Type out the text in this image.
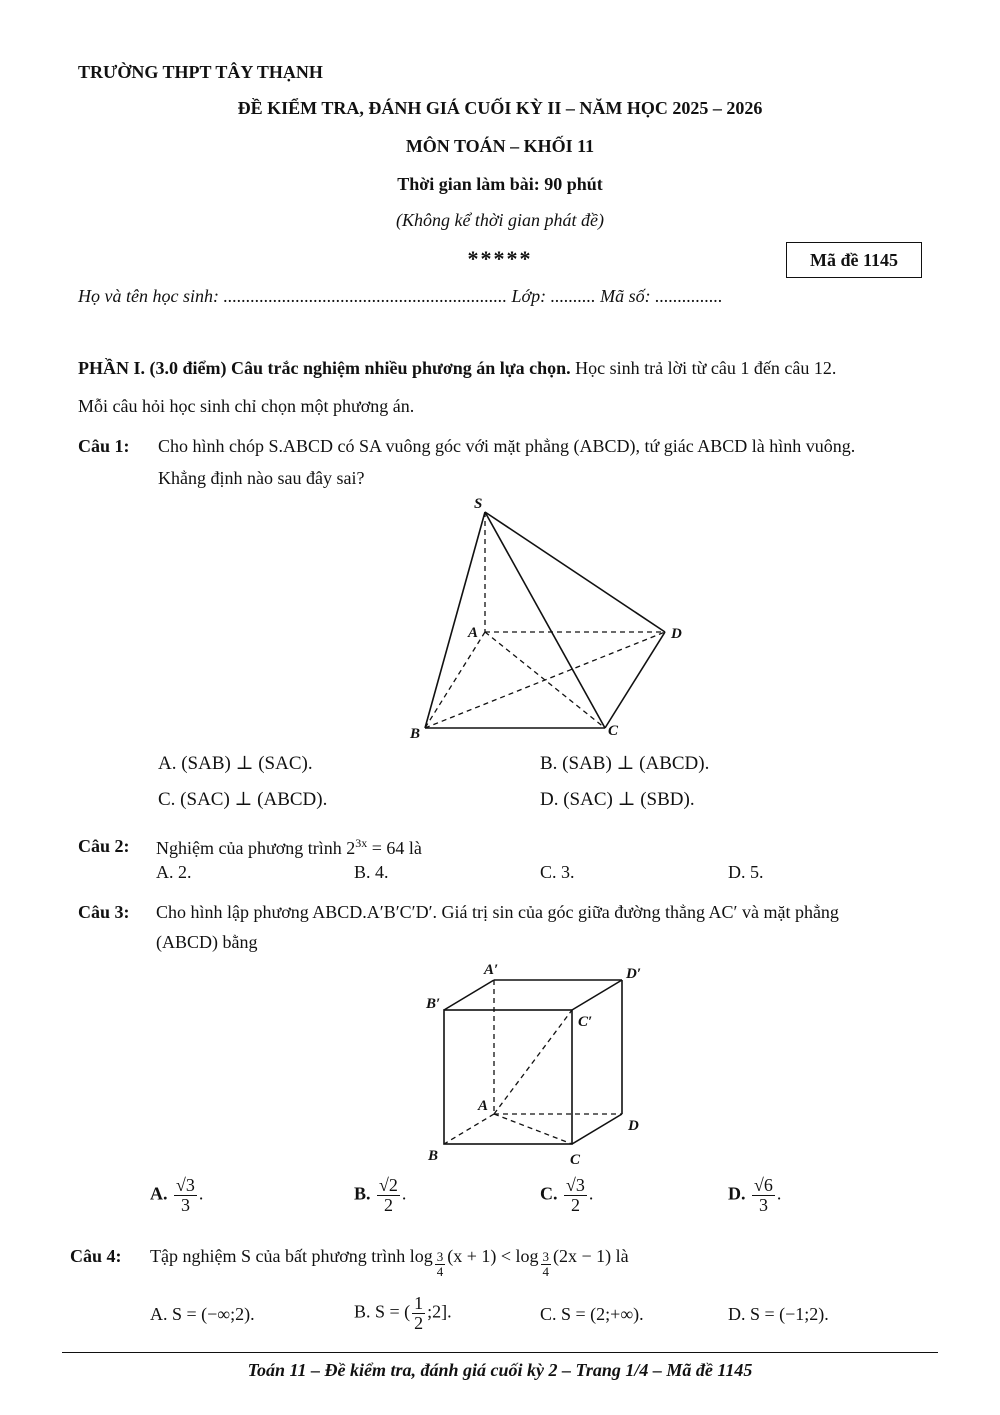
TRƯỜNG THPT TÂY THẠNH
ĐỀ KIỂM TRA, ĐÁNH GIÁ CUỐI KỲ II – NĂM HỌC 2025 – 2026
MÔN TOÁN – KHỐI 11
Thời gian làm bài: 90 phút
(Không kể thời gian phát đề)
*****	Mã đề 1145
Họ và tên học sinh: ............................................................... Lớp: .......... Mã số: ...............
PHẦN I. (3.0 điểm) Câu trắc nghiệm nhiều phương án lựa chọn. Học sinh trả lời từ câu 1 đến câu 12.
Mỗi câu hỏi học sinh chỉ chọn một phương án.
Câu 1: Cho hình chóp S.ABCD có SA vuông góc với mặt phẳng (ABCD), tứ giác ABCD là hình vuông.
Khẳng định nào sau đây sai?
S
A
B	C
D
A. (SAB) ⊥ (SAC).	B. (SAB) ⊥ (ABCD).
C. (SAC) ⊥ (ABCD).	D. (SAC) ⊥ (SBD).
Câu 2: Nghiệm của phương trình $2^{3x} = 64$ là
A. 2.	B. 4.	C. 3.	D. 5.
Câu 3: Cho hình lập phương ABCD.A′B′C′D′. Giá trị sin của góc giữa đường thẳng AC′ và mặt phẳng
(ABCD) bằng
A′
B′
C′
D′
A
B	C
D
A. $\frac{√3}{3}$ .	B. $\frac{√2}{2}$ .	C. $\frac{√3}{2}$ .	D. $\frac{√6}{3}$ .
Câu 4: Tập nghiệm S của bất phương trình $\log \frac{3}{4} (x + 1) < \log \frac{3}{4} (2x - 1)$ là
A. S = (−∞;2).	B. S = ( $\frac{1}{2}$ ;2].	C. S = (2;+∞).	D. S = (−1;2).
Toán 11 – Đề kiểm tra, đánh giá cuối kỳ 2 – Trang 1/4 – Mã đề 1145
